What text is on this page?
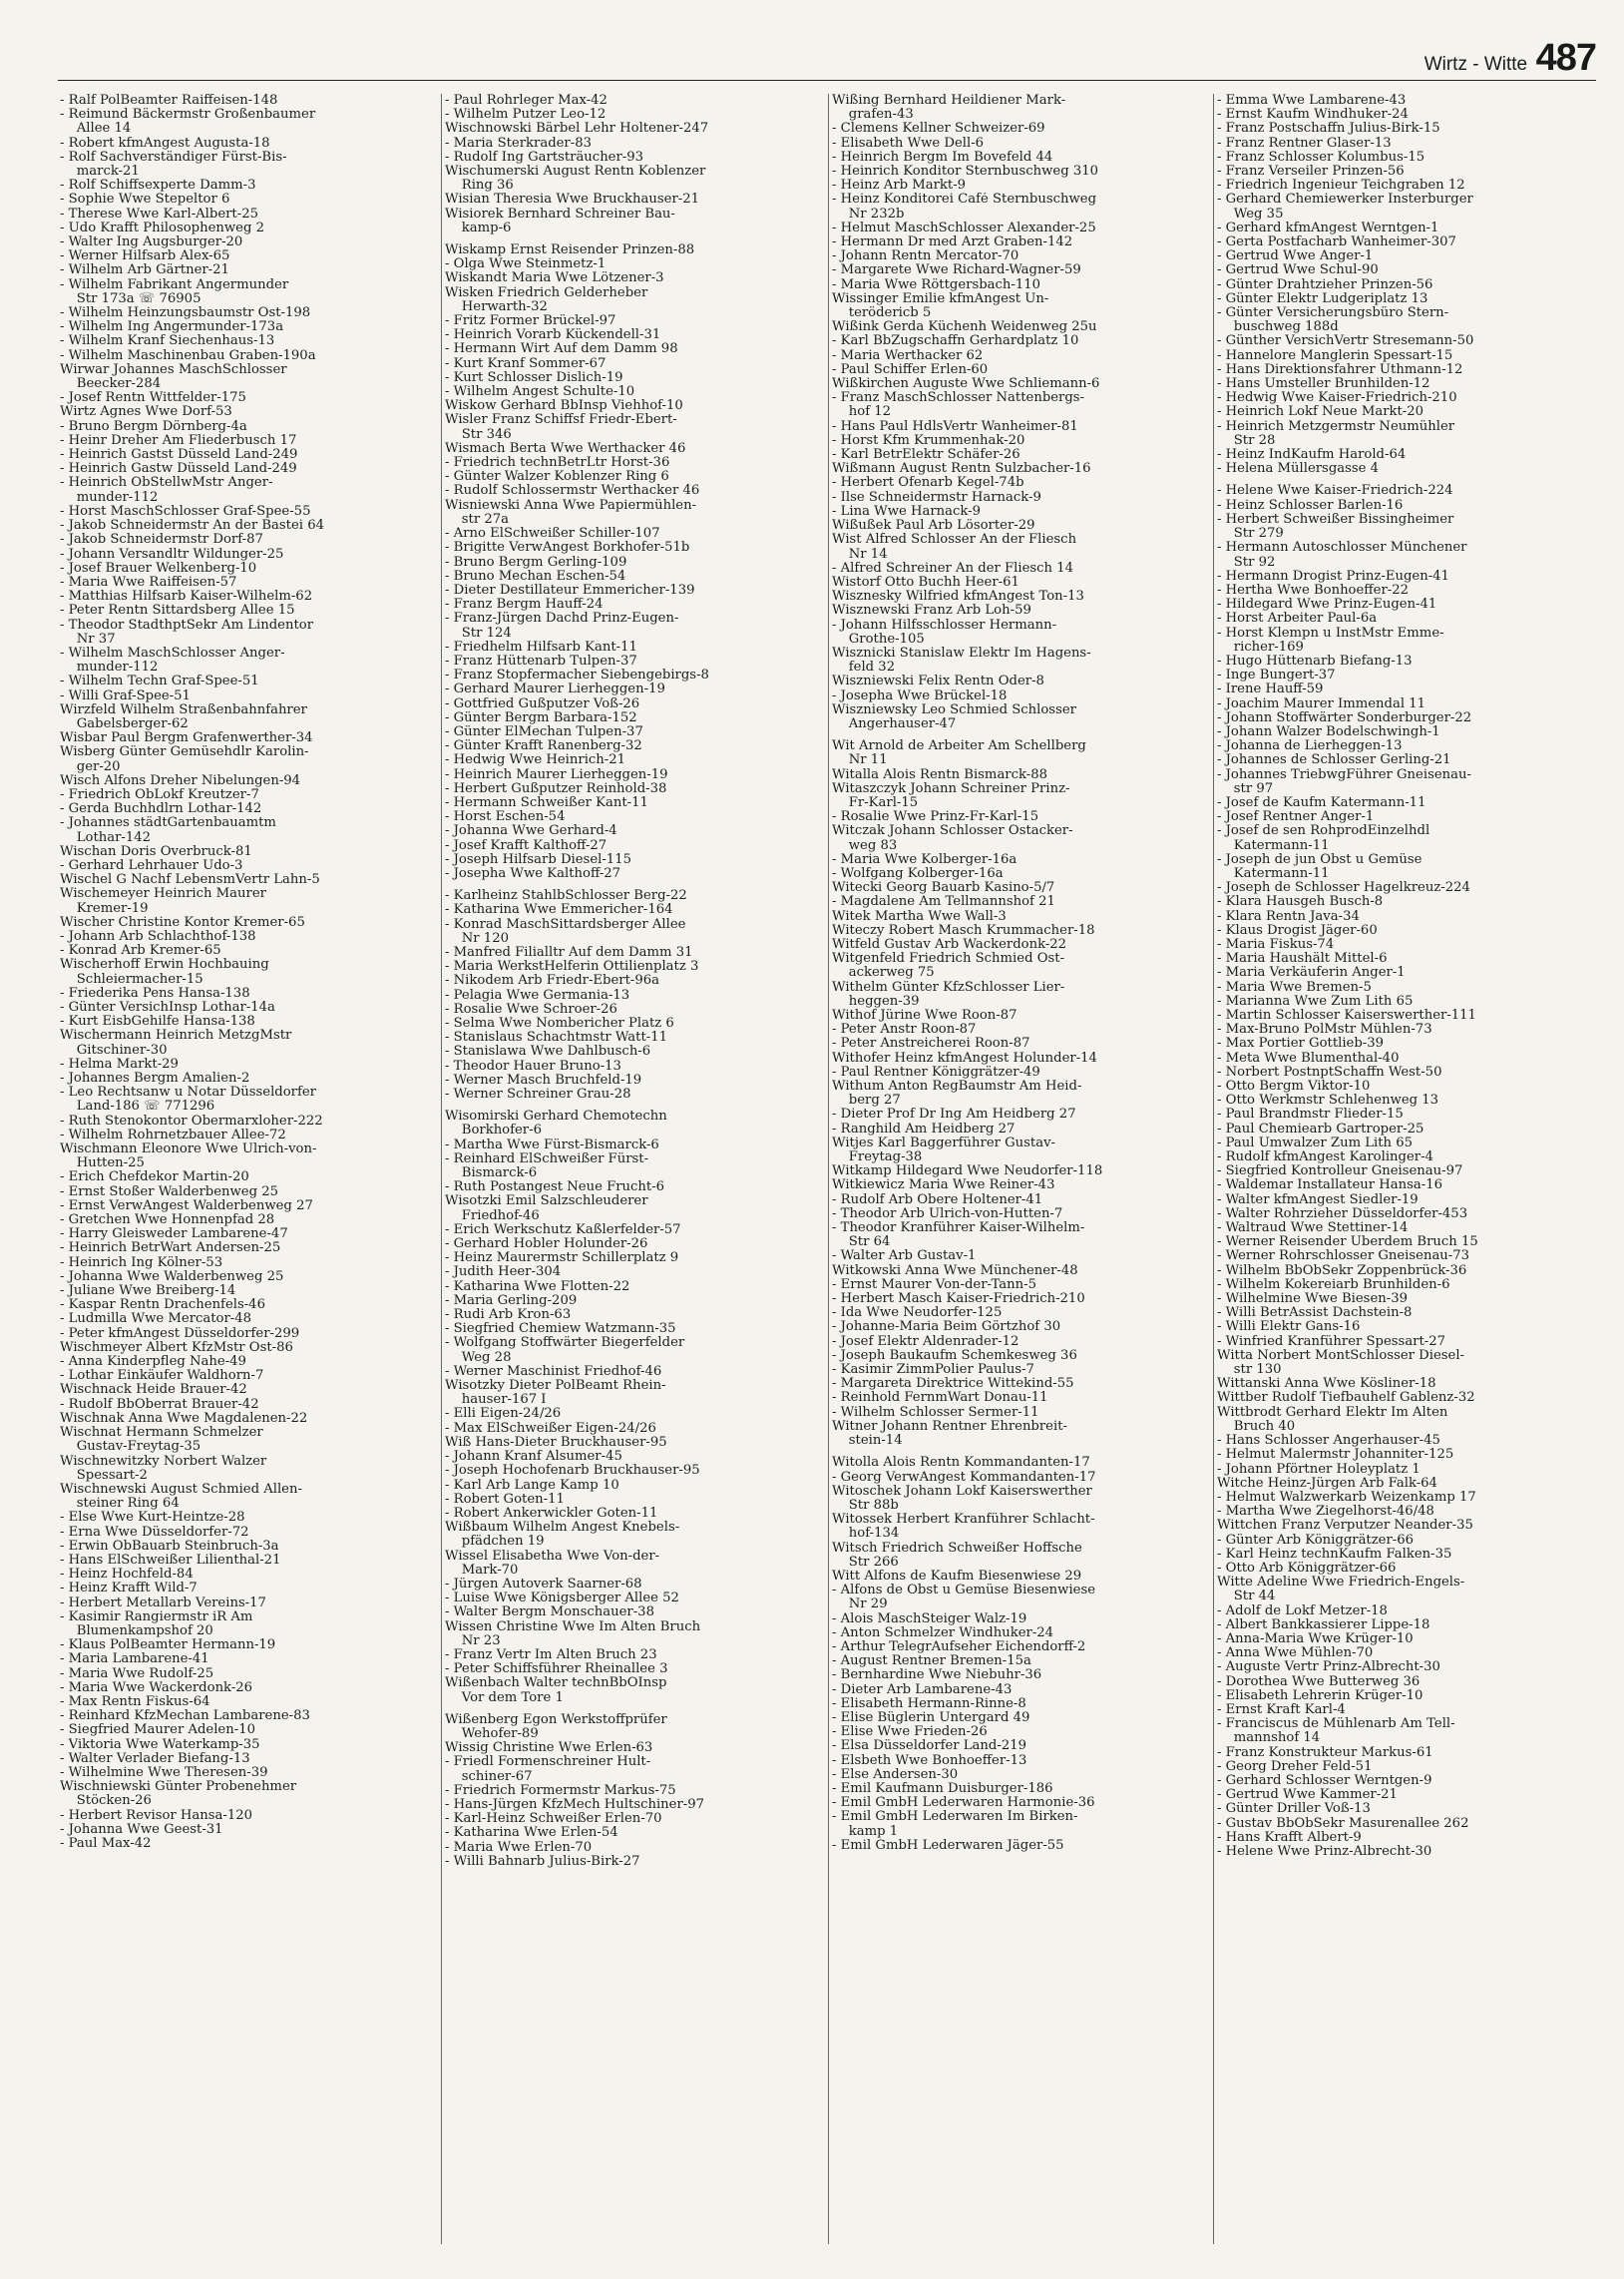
Wirtz - Witte 487
- Ralf PolBeamter Raiffeisen-148
- Reimund Bäckermstr Großenbaumer
Allee 14
- Robert kfmAngest Augusta-18
- Rolf Sachverständiger Fürst-Bis-
marck-21
- Rolf Schiffsexperte Damm-3
- Sophie Wwe Stepeltor 6
- Therese Wwe Karl-Albert-25
- Udo Krafft Philosophenweg 2
- Walter Ing Augsburger-20
- Werner Hilfsarb Alex-65
- Wilhelm Arb Gärtner-21
- Wilhelm Fabrikant Angermunder
Str 173a ☏ 76905
- Wilhelm Heinzungsbaumstr Ost-198
- Wilhelm Ing Angermunder-173a
- Wilhelm Kranf Siechenhaus-13
- Wilhelm Maschinenbau Graben-190a
Wirwar Johannes MaschSchlosser
Beecker-284
- Josef Rentn Wittfelder-175
Wirtz Agnes Wwe Dorf-53
- Bruno Bergm Dörnberg-4a
- Heinr Dreher Am Fliederbusch 17
- Heinrich Gastst Düsseld Land-249
- Heinrich Gastw Düsseld Land-249
- Heinrich ObStellwMstr Anger-
munder-112
- Horst MaschSchlosser Graf-Spee-55
- Jakob Schneidermstr An der Bastei 64
- Jakob Schneidermstr Dorf-87
- Johann Versandltr Wildunger-25
- Josef Brauer Welkenberg-10
- Maria Wwe Raiffeisen-57
- Matthias Hilfsarb Kaiser-Wilhelm-62
- Peter Rentn Sittardsberg Allee 15
- Theodor StadthptSekr Am Lindentor
Nr 37
- Wilhelm MaschSchlosser Anger-
munder-112
- Wilhelm Techn Graf-Spee-51
- Willi Graf-Spee-51
Wirzfeld Wilhelm Straßenbahnfahrer
Gabelsberger-62
Wisbar Paul Bergm Grafenwerther-34
Wisberg Günter Gemüsehdlr Karolin-
ger-20
Wisch Alfons Dreher Nibelungen-94
- Friedrich ObLokf Kreutzer-7
- Gerda Buchhdlrn Lothar-142
- Johannes städtGartenbauamtm
Lothar-142
Wischan Doris Overbruck-81
- Gerhard Lehrhauer Udo-3
Wischel G Nachf LebensmVertr Lahn-5
Wischemeyer Heinrich Maurer
Kremer-19
Wischer Christine Kontor Kremer-65
- Johann Arb Schlachthof-138
- Konrad Arb Kremer-65
Wischerhoff Erwin Hochbauing
Schleiermacher-15
- Friederika Pens Hansa-138
- Günter VersichInsp Lothar-14a
- Kurt EisbGehilfe Hansa-138
Wischermann Heinrich MetzgMstr
Gitschiner-30
- Helma Markt-29
- Johannes Bergm Amalien-2
- Leo Rechtsanw u Notar Düsseldorfer
Land-186 ☏ 771296
- Ruth Stenokontor Obermarxloher-222
- Wilhelm Rohrnetzbauer Allee-72
Wischmann Eleonore Wwe Ulrich-von-
Hutten-25
- Erich Chefdekor Martin-20
- Ernst Stoßer Walderbenweg 25
- Ernst VerwAngest Walderbenweg 27
- Gretchen Wwe Honnenpfad 28
- Harry Gleisweder Lambarene-47
- Heinrich BetrWart Andersen-25
- Heinrich Ing Kölner-53
- Johanna Wwe Walderbenweg 25
- Juliane Wwe Breiberg-14
- Kaspar Rentn Drachenfels-46
- Ludmilla Wwe Mercator-48
- Peter kfmAngest Düsseldorfer-299
Wischmeyer Albert KfzMstr Ost-86
- Anna Kinderpfleg Nahe-49
- Lothar Einkäufer Waldhorn-7
Wischnack Heide Brauer-42
- Rudolf BbOberrat Brauer-42
Wischnak Anna Wwe Magdalenen-22
Wischnat Hermann Schmelzer
Gustav-Freytag-35
Wischnewitzky Norbert Walzer
Spessart-2
Wischnewski August Schmied Allen-
steiner Ring 64
- Else Wwe Kurt-Heintze-28
- Erna Wwe Düsseldorfer-72
- Erwin ObBauarb Steinbruch-3a
- Hans ElSchweißer Lilienthal-21
- Heinz Hochfeld-84
- Heinz Krafft Wild-7
- Herbert Metallarb Vereins-17
- Kasimir Rangiermstr iR Am
Blumenkampshof 20
- Klaus PolBeamter Hermann-19
- Maria Lambarene-41
- Maria Wwe Rudolf-25
- Maria Wwe Wackerdonk-26
- Max Rentn Fiskus-64
- Reinhard KfzMechan Lambarene-83
- Siegfried Maurer Adelen-10
- Viktoria Wwe Waterkamp-35
- Walter Verlader Biefang-13
- Wilhelmine Wwe Theresen-39
Wischniewski Günter Probenehmer
Stöcken-26
- Herbert Revisor Hansa-120
- Johanna Wwe Geest-31
- Paul Max-42
- Paul Rohrleger Max-42
- Wilhelm Putzer Leo-12
Wischnowski Bärbel Lehr Holtener-247
- Maria Sterkrader-83
- Rudolf Ing Gartsträucher-93
Wischumerski August Rentn Koblenzer
Ring 36
Wisian Theresia Wwe Bruckhauser-21
Wisiorek Bernhard Schreiner Bau-
kamp-6
Wiskamp Ernst Reisender Prinzen-88
- Olga Wwe Steinmetz-1
Wiskandt Maria Wwe Lötzener-3
Wisken Friedrich Gelderheber
Herwarth-32
- Fritz Former Brückel-97
- Heinrich Vorarb Kückendell-31
- Hermann Wirt Auf dem Damm 98
- Kurt Kranf Sommer-67
- Kurt Schlosser Dislich-19
- Wilhelm Angest Schulte-10
Wiskow Gerhard BbInsp Viehhof-10
Wisler Franz Schiffsf Friedr-Ebert-
Str 346
Wismach Berta Wwe Werthacker 46
- Friedrich technBetrLtr Horst-36
- Günter Walzer Koblenzer Ring 6
- Rudolf Schlossermstr Werthacker 46
Wisniewski Anna Wwe Papiermühlen-
str 27a
- Arno ElSchweißer Schiller-107
- Brigitte VerwAngest Borkhofer-51b
- Bruno Bergm Gerling-109
- Bruno Mechan Eschen-54
- Dieter Destillateur Emmericher-139
- Franz Bergm Hauff-24
- Franz-Jürgen Dachd Prinz-Eugen-
Str 124
- Friedhelm Hilfsarb Kant-11
- Franz Hüttenarb Tulpen-37
- Franz Stopfermacher Siebengebirgs-8
- Gerhard Maurer Lierheggen-19
- Gottfried Gußputzer Voß-26
- Günter Bergm Barbara-152
- Günter ElMechan Tulpen-37
- Günter Krafft Ranenberg-32
- Hedwig Wwe Heinrich-21
- Heinrich Maurer Lierheggen-19
- Herbert Gußputzer Reinhold-38
- Hermann Schweißer Kant-11
- Horst Eschen-54
- Johanna Wwe Gerhard-4
- Josef Krafft Kalthoff-27
- Joseph Hilfsarb Diesel-115
- Josepha Wwe Kalthoff-27
- Karlheinz StahlbSchlosser Berg-22
- Katharina Wwe Emmericher-164
- Konrad MaschSittardsberger Allee
Nr 120
- Manfred Filialltr Auf dem Damm 31
- Maria WerkstHelferin Ottilienplatz 3
- Nikodem Arb Friedr-Ebert-96a
- Pelagia Wwe Germania-13
- Rosalie Wwe Schroer-26
- Selma Wwe Nombericher Platz 6
- Stanislaus Schachtmstr Watt-11
- Stanislawa Wwe Dahlbusch-6
- Theodor Hauer Bruno-13
- Werner Masch Bruchfeld-19
- Werner Schreiner Grau-28
Wisomirski Gerhard Chemotechn
Borkhofer-6
- Martha Wwe Fürst-Bismarck-6
- Reinhard ElSchweißer Fürst-
Bismarck-6
- Ruth Postangest Neue Frucht-6
Wisotzki Emil Salzschleuderer
Friedhof-46
- Erich Werkschutz Kaßlerfelder-57
- Gerhard Hobler Holunder-26
- Heinz Maurermstr Schillerplatz 9
- Judith Heer-304
- Katharina Wwe Flotten-22
- Maria Gerling-209
- Rudi Arb Kron-63
- Siegfried Chemiew Watzmann-35
- Wolfgang Stoffwärter Biegerfelder
Weg 28
- Werner Maschinist Friedhof-46
Wisotzky Dieter PolBeamt Rhein-
hauser-167 I
- Elli Eigen-24/26
- Max ElSchweißer Eigen-24/26
Wiß Hans-Dieter Bruckhauser-95
- Johann Kranf Alsumer-45
- Joseph Hochofenarb Bruckhauser-95
- Karl Arb Lange Kamp 10
- Robert Goten-11
- Robert Ankerwickler Goten-11
Wißbaum Wilhelm Angest Knebels-
pfädchen 19
Wissel Elisabetha Wwe Von-der-
Mark-70
- Jürgen Autoverk Saarner-68
- Luise Wwe Königsberger Allee 52
- Walter Bergm Monschauer-38
Wissen Christine Wwe Im Alten Bruch
Nr 23
- Franz Vertr Im Alten Bruch 23
- Peter Schiffsführer Rheinallee 3
Wißenbach Walter technBbOInsp
Vor dem Tore 1
Wißenberg Egon Werkstoffprüfer
Wehofer-89
Wissig Christine Wwe Erlen-63
- Friedl Formenschreiner Hult-
schiner-67
- Friedrich Formermstr Markus-75
- Hans-Jürgen KfzMech Hultschiner-97
- Karl-Heinz Schweißer Erlen-70
- Katharina Wwe Erlen-54
- Maria Wwe Erlen-70
- Willi Bahnarb Julius-Birk-27
Wißing Bernhard Heildiener Mark-
grafen-43
- Clemens Kellner Schweizer-69
- Elisabeth Wwe Dell-6
- Heinrich Bergm Im Bovefeld 44
- Heinrich Konditor Sternbuschweg 310
- Heinz Arb Markt-9
- Heinz Konditorei Café Sternbuschweg
Nr 232b
- Helmut MaschSchlosser Alexander-25
- Hermann Dr med Arzt Graben-142
- Johann Rentn Mercator-70
- Margarete Wwe Richard-Wagner-59
- Maria Wwe Röttgersbach-110
Wissinger Emilie kfmAngest Un-
terödericb 5
Wißink Gerda Küchenh Weidenweg 25u
- Karl BbZugschaffn Gerhardplatz 10
- Maria Werthacker 62
- Paul Schiffer Erlen-60
Wißkirchen Auguste Wwe Schliemann-6
- Franz MaschSchlosser Nattenbergs-
hof 12
- Hans Paul HdlsVertr Wanheimer-81
- Horst Kfm Krummenhak-20
- Karl BetrElektr Schäfer-26
Wißmann August Rentn Sulzbacher-16
- Herbert Ofenarb Kegel-74b
- Ilse Schneidermstr Harnack-9
- Lina Wwe Harnack-9
Wißußek Paul Arb Lösorter-29
Wist Alfred Schlosser An der Fliesch
Nr 14
- Alfred Schreiner An der Fliesch 14
Wistorf Otto Buchh Heer-61
Wisznesky Wilfried kfmAngest Ton-13
Wisznewski Franz Arb Loh-59
- Johann Hilfsschlosser Hermann-
Grothe-105
Wisznicki Stanislaw Elektr Im Hagens-
feld 32
Wiszniewski Felix Rentn Oder-8
- Josepha Wwe Brückel-18
Wiszniewsky Leo Schmied Schlosser
Angerhauser-47
Wit Arnold de Arbeiter Am Schellberg
Nr 11
Witalla Alois Rentn Bismarck-88
Witaszczyk Johann Schreiner Prinz-
Fr-Karl-15
- Rosalie Wwe Prinz-Fr-Karl-15
Witczak Johann Schlosser Ostacker-
weg 83
- Maria Wwe Kolberger-16a
- Wolfgang Kolberger-16a
Witecki Georg Bauarb Kasino-5/7
- Magdalene Am Tellmannshof 21
Witek Martha Wwe Wall-3
Witeczy Robert Masch Krummacher-18
Witfeld Gustav Arb Wackerdonk-22
Witgenfeld Friedrich Schmied Ost-
ackerweg 75
Withelm Günter KfzSchlosser Lier-
heggen-39
Withof Jürine Wwe Roon-87
- Peter Anstr Roon-87
- Peter Anstreicherei Roon-87
Withofer Heinz kfmAngest Holunder-14
- Paul Rentner Königgrätzer-49
Withum Anton RegBaumstr Am Heid-
berg 27
- Dieter Prof Dr Ing Am Heidberg 27
- Ranghild Am Heidberg 27
Witjes Karl Baggerführer Gustav-
Freytag-38
Witkamp Hildegard Wwe Neudorfer-118
Witkiewicz Maria Wwe Reiner-43
- Rudolf Arb Obere Holtener-41
- Theodor Arb Ulrich-von-Hutten-7
- Theodor Kranführer Kaiser-Wilhelm-
Str 64
- Walter Arb Gustav-1
Witkowski Anna Wwe Münchener-48
- Ernst Maurer Von-der-Tann-5
- Herbert Masch Kaiser-Friedrich-210
- Ida Wwe Neudorfer-125
- Johanne-Maria Beim Görtzhof 30
- Josef Elektr Aldenrader-12
- Joseph Baukaufm Schemkesweg 36
- Kasimir ZimmPolier Paulus-7
- Margareta Direktrice Wittekind-55
- Reinhold FernmWart Donau-11
- Wilhelm Schlosser Sermer-11
Witner Johann Rentner Ehrenbreit-
stein-14
Witolla Alois Rentn Kommandanten-17
- Georg VerwAngest Kommandanten-17
Witoschek Johann Lokf Kaiserswerther
Str 88b
Witossek Herbert Kranführer Schlacht-
hof-134
Witsch Friedrich Schweißer Hoffsche
Str 266
Witt Alfons de Kaufm Biesenwiese 29
- Alfons de Obst u Gemüse Biesenwiese
Nr 29
- Alois MaschSteiger Walz-19
- Anton Schmelzer Windhuker-24
- Arthur TelegrAufseher Eichendorff-2
- August Rentner Bremen-15a
- Bernhardine Wwe Niebuhr-36
- Dieter Arb Lambarene-43
- Elisabeth Hermann-Rinne-8
- Elise Büglerin Untergard 49
- Elise Wwe Frieden-26
- Elsa Düsseldorfer Land-219
- Elsbeth Wwe Bonhoeffer-13
- Else Andersen-30
- Emil Kaufmann Duisburger-186
- Emil GmbH Lederwaren Harmonie-36
- Emil GmbH Lederwaren Im Birken-
kamp 1
- Emil GmbH Lederwaren Jäger-55
- Emma Wwe Lambarene-43
- Ernst Kaufm Windhuker-24
- Franz Postschaffn Julius-Birk-15
- Franz Rentner Glaser-13
- Franz Schlosser Kolumbus-15
- Franz Verseiler Prinzen-56
- Friedrich Ingenieur Teichgraben 12
- Gerhard Chemiewerker Insterburger
Weg 35
- Gerhard kfmAngest Werntgen-1
- Gerta Postfacharb Wanheimer-307
- Gertrud Wwe Anger-1
- Gertrud Wwe Schul-90
- Günter Drahtzieher Prinzen-56
- Günter Elektr Ludgeriplatz 13
- Günter Versicherungsbüro Stern-
buschweg 188d
- Günther VersichVertr Stresemann-50
- Hannelore Manglerin Spessart-15
- Hans Direktionsfahrer Uthmann-12
- Hans Umsteller Brunhilden-12
- Hedwig Wwe Kaiser-Friedrich-210
- Heinrich Lokf Neue Markt-20
- Heinrich Metzgermstr Neumühler
Str 28
- Heinz IndKaufm Harold-64
- Helena Müllersgasse 4
- Helene Wwe Kaiser-Friedrich-224
- Heinz Schlosser Barlen-16
- Herbert Schweißer Bissingheimer
Str 279
- Hermann Autoschlosser Münchener
Str 92
- Hermann Drogist Prinz-Eugen-41
- Hertha Wwe Bonhoeffer-22
- Hildegard Wwe Prinz-Eugen-41
- Horst Arbeiter Paul-6a
- Horst Klempn u InstMstr Emme-
richer-169
- Hugo Hüttenarb Biefang-13
- Inge Bungert-37
- Irene Hauff-59
- Joachim Maurer Immendal 11
- Johann Stoffwärter Sonderburger-22
- Johann Walzer Bodelschwingh-1
- Johanna de Lierheggen-13
- Johannes de Schlosser Gerling-21
- Johannes TriebwgFührer Gneisenau-
str 97
- Josef de Kaufm Katermann-11
- Josef Rentner Anger-1
- Josef de sen RohprodEinzelhdl
Katermann-11
- Joseph de jun Obst u Gemüse
Katermann-11
- Joseph de Schlosser Hagelkreuz-224
- Klara Hausgeh Busch-8
- Klara Rentn Java-34
- Klaus Drogist Jäger-60
- Maria Fiskus-74
- Maria Haushält Mittel-6
- Maria Verkäuferin Anger-1
- Maria Wwe Bremen-5
- Marianna Wwe Zum Lith 65
- Martin Schlosser Kaiserswerther-111
- Max-Bruno PolMstr Mühlen-73
- Max Portier Gottlieb-39
- Meta Wwe Blumenthal-40
- Norbert PostnptSchaffn West-50
- Otto Bergm Viktor-10
- Otto Werkmstr Schlehenweg 13
- Paul Brandmstr Flieder-15
- Paul Chemiearb Gartroper-25
- Paul Umwalzer Zum Lith 65
- Rudolf kfmAngest Karolinger-4
- Siegfried Kontrolleur Gneisenau-97
- Waldemar Installateur Hansa-16
- Walter kfmAngest Siedler-19
- Walter Rohrzieher Düsseldorfer-453
- Waltraud Wwe Stettiner-14
- Werner Reisender Überdem Bruch 15
- Werner Rohrschlosser Gneisenau-73
- Wilhelm BbObSekr Zoppenbrück-36
- Wilhelm Kokereiarb Brunhilden-6
- Wilhelmine Wwe Biesen-39
- Willi BetrAssist Dachstein-8
- Willi Elektr Gans-16
- Winfried Kranführer Spessart-27
Witta Norbert MontSchlosser Diesel-
str 130
Wittanski Anna Wwe Kösliner-18
Wittber Rudolf Tiefbauhelf Gablenz-32
Wittbrodt Gerhard Elektr Im Alten
Bruch 40
- Hans Schlosser Angerhauser-45
- Helmut Malermstr Johanniter-125
- Johann Pförtner Holeyplatz 1
Witche Heinz-Jürgen Arb Falk-64
- Helmut Walzwerkarb Weizenkamp 17
- Martha Wwe Ziegelhorst-46/48
Wittchen Franz Verputzer Neander-35
- Günter Arb Königgrätzer-66
- Karl Heinz technKaufm Falken-35
- Otto Arb Königgrätzer-66
Witte Adeline Wwe Friedrich-Engels-
Str 44
- Adolf de Lokf Metzer-18
- Albert Bankkassierer Lippe-18
- Anna-Maria Wwe Krüger-10
- Anna Wwe Mühlen-70
- Auguste Vertr Prinz-Albrecht-30
- Dorothea Wwe Butterweg 36
- Elisabeth Lehrerin Krüger-10
- Ernst Kraft Karl-4
- Franciscus de Mühlenarb Am Tell-
mannshof 14
- Franz Konstrukteur Markus-61
- Georg Dreher Feld-51
- Gerhard Schlosser Werntgen-9
- Gertrud Wwe Kammer-21
- Günter Driller Voß-13
- Gustav BbObSekr Masurenallee 262
- Hans Krafft Albert-9
- Helene Wwe Prinz-Albrecht-30
